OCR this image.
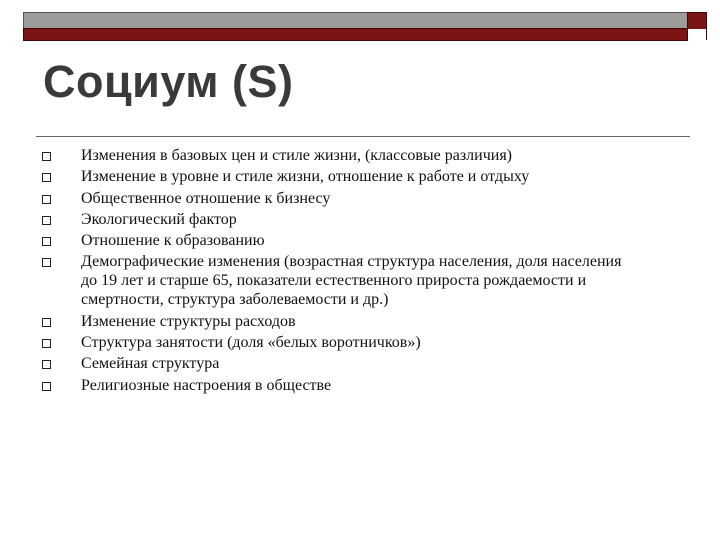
Социум (S)
Изменения в базовых цен и стиле жизни, (классовые различия)
Изменение в уровне и стиле жизни, отношение к работе и отдыху
Общественное отношение к бизнесу
Экологический фактор
Отношение к образованию
Демографические изменения (возрастная структура населения, доля населения до 19 лет и старше 65, показатели естественного прироста рождаемости и смертности, структура заболеваемости и др.)
Изменение структуры расходов
Структура занятости (доля «белых воротничков»)
Семейная структура
Религиозные настроения в обществе
